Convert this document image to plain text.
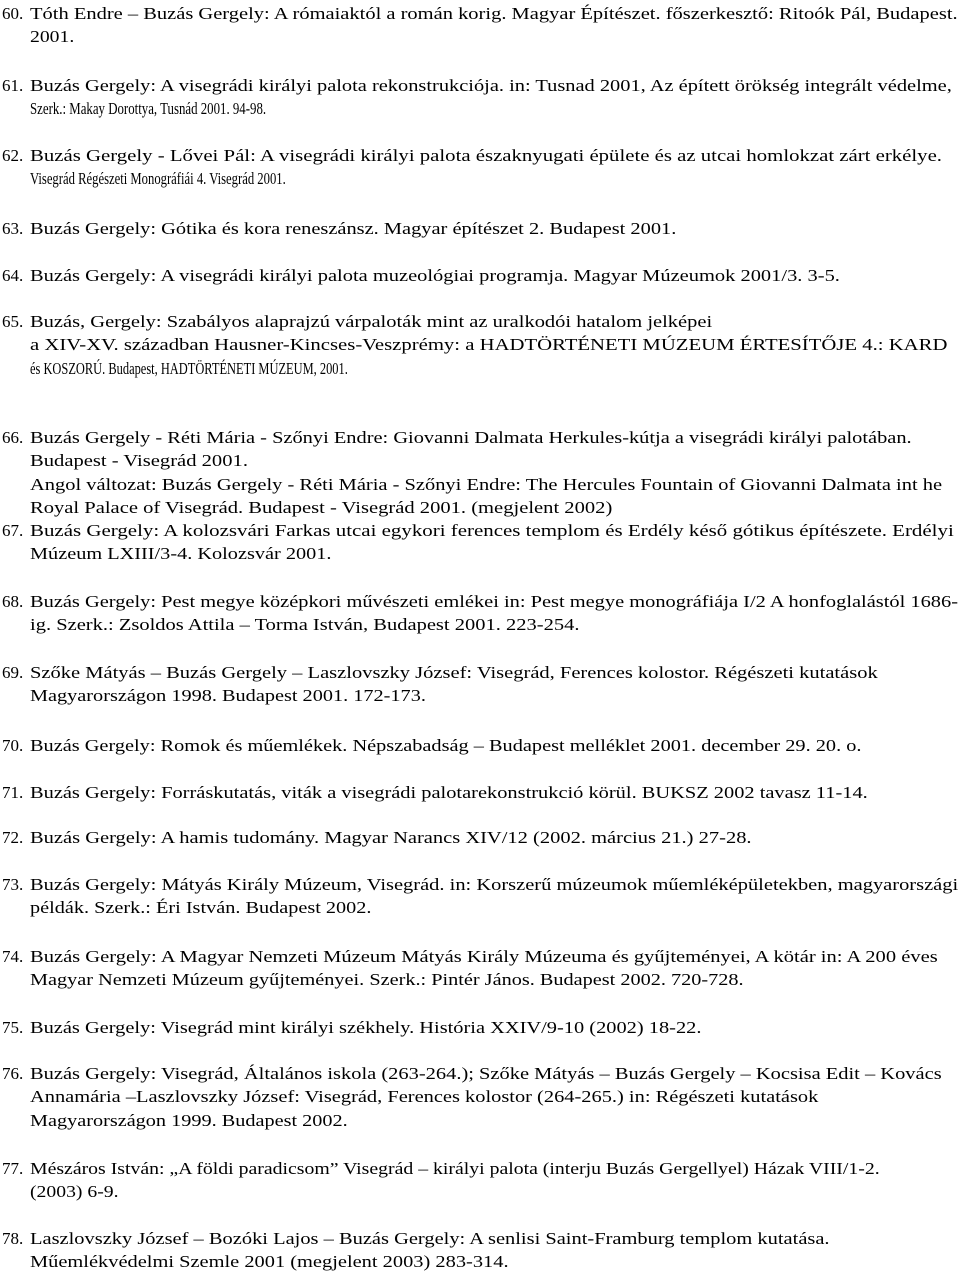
60. Tóth Endre – Buzás Gergely: A rómaiaktól a román korig. Magyar Építészet. főszerkesztő: Ritoók Pál, Budapest.
2001.
61. Buzás Gergely: A visegrádi királyi palota rekonstrukciója. in: Tusnad 2001, Az épített örökség integrált védelme,
Szerk.: Makay Dorottya, Tusnád 2001. 94-98.
62. Buzás Gergely - Lővei Pál: A visegrádi királyi palota északnyugati épülete és az utcai homlokzat zárt erkélye.
Visegrád Régészeti Monográfiái 4. Visegrád 2001.
63. Buzás Gergely: Gótika és kora reneszánsz. Magyar építészet 2. Budapest 2001.
64. Buzás Gergely: A visegrádi királyi palota muzeológiai programja. Magyar Múzeumok 2001/3. 3-5.
65. Buzás, Gergely: Szabályos alaprajzú várpaloták mint az uralkodói hatalom jelképei
a XIV-XV. században Hausner-Kincses-Veszprémy: a HADTÖRTÉNETI MÚZEUM ÉRTESÍTŐJE 4.: KARD
és KOSZORÚ. Budapest, HADTÖRTÉNETI MÚZEUM, 2001.
66. Buzás Gergely - Réti Mária - Szőnyi Endre: Giovanni Dalmata Herkules-kútja a visegrádi királyi palotában.
Budapest - Visegrád 2001.
Angol változat: Buzás Gergely - Réti Mária - Szőnyi Endre: The Hercules Fountain of Giovanni Dalmata int he
Royal Palace of Visegrád. Budapest - Visegrád 2001. (megjelent 2002)
67. Buzás Gergely: A kolozsvári Farkas utcai egykori ferences templom és Erdély késő gótikus építészete. Erdélyi
Múzeum LXIII/3-4. Kolozsvár 2001.
68. Buzás Gergely: Pest megye középkori művészeti emlékei in: Pest megye monográfiája I/2 A honfoglalástól 1686-
ig. Szerk.: Zsoldos Attila – Torma István, Budapest 2001. 223-254.
69. Szőke Mátyás – Buzás Gergely – Laszlovszky József: Visegrád, Ferences kolostor. Régészeti kutatások
Magyarországon 1998. Budapest 2001. 172-173.
70. Buzás Gergely: Romok és műemlékek. Népszabadság – Budapest melléklet 2001. december 29. 20. o.
71. Buzás Gergely: Forráskutatás, viták a visegrádi palotarekonstrukció körül. BUKSZ 2002 tavasz 11-14.
72. Buzás Gergely: A hamis tudomány. Magyar Narancs XIV/12 (2002. március 21.) 27-28.
73. Buzás Gergely: Mátyás Király Múzeum, Visegrád. in: Korszerű múzeumok műemléképületekben, magyarországi
példák. Szerk.: Éri István. Budapest 2002.
74. Buzás Gergely: A Magyar Nemzeti Múzeum Mátyás Király Múzeuma és gyűjteményei, A kötár in: A 200 éves
Magyar Nemzeti Múzeum gyűjteményei. Szerk.: Pintér János. Budapest 2002. 720-728.
75. Buzás Gergely: Visegrád mint királyi székhely. História XXIV/9-10 (2002) 18-22.
76. Buzás Gergely: Visegrád, Általános iskola (263-264.); Szőke Mátyás – Buzás Gergely – Kocsisa Edit – Kovács
Annamária –Laszlovszky József: Visegrád, Ferences kolostor (264-265.) in: Régészeti kutatások
Magyarországon 1999. Budapest 2002.
77. Mészáros István: „A földi paradicsom” Visegrád – királyi palota (interju Buzás Gergellyel) Házak VIII/1-2.
(2003) 6-9.
78. Laszlovszky József – Bozóki Lajos – Buzás Gergely: A senlisi Saint-Framburg templom kutatása.
Műemlékvédelmi Szemle 2001 (megjelent 2003) 283-314.
